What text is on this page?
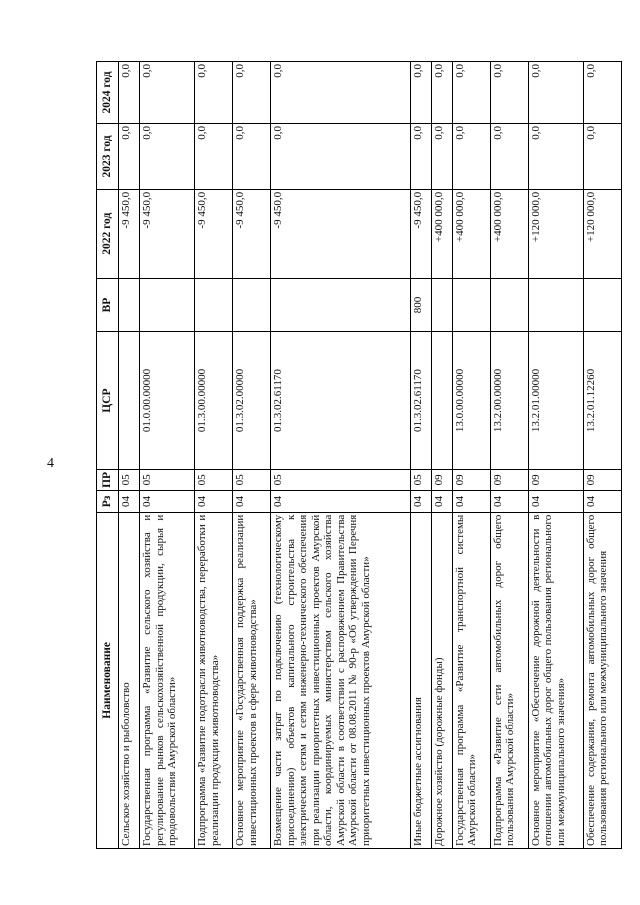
4
Наименование	Рз	ПР	ЦСР	ВР	2022 год	2023 год	2024 год
Сельское хозяйство и рыболовство	04	05			-9 450,0	0,0	0,0
Государственная программа «Развитие сельского хозяйства и регулирование рынков сельскохозяйственной продукции, сырья и продовольствия Амурской области»	04	05	01.0.00.00000		-9 450,0	0,0	0,0
Подпрограмма «Развитие подотрасли животноводства, переработки и реализации продукции животноводства»	04	05	01.3.00.00000		-9 450,0	0,0	0,0
Основное мероприятие «Государственная поддержка реализации инвестиционных проектов в сфере животноводства»	04	05	01.3.02.00000		-9 450,0	0,0	0,0
Возмещение части затрат по подключению (технологическому присоединению) объектов капитального строительства к электрическим сетям и сетям инженерно-технического обеспечения при реализации приоритетных инвестиционных проектов Амурской области, координируемых министерством сельского хозяйства Амурской области в соответствии с распоряжением Правительства Амурской области от 08.08.2011 № 90-р «Об утверждении Перечня приоритетных инвестиционных проектов Амурской области»	04	05	01.3.02.61170		-9 450,0	0,0	0,0
Иные бюджетные ассигнования	04	05	01.3.02.61170	800	-9 450,0	0,0	0,0
Дорожное хозяйство (дорожные фонды)	04	09			+400 000,0	0,0	0,0
Государственная программа «Развитие транспортной системы Амурской области»	04	09	13.0.00.00000		+400 000,0	0,0	0,0
Подпрограмма «Развитие сети автомобильных дорог общего пользования Амурской области»	04	09	13.2.00.00000		+400 000,0	0,0	0,0
Основное мероприятие «Обеспечение дорожной деятельности в отношении автомобильных дорог общего пользования регионального или межмуниципального значения»	04	09	13.2.01.00000		+120 000,0	0,0	0,0
Обеспечение содержания, ремонта автомобильных дорог общего пользования регионального или межмуниципального значения	04	09	13.2.01.12260		+120 000,0	0,0	0,0
